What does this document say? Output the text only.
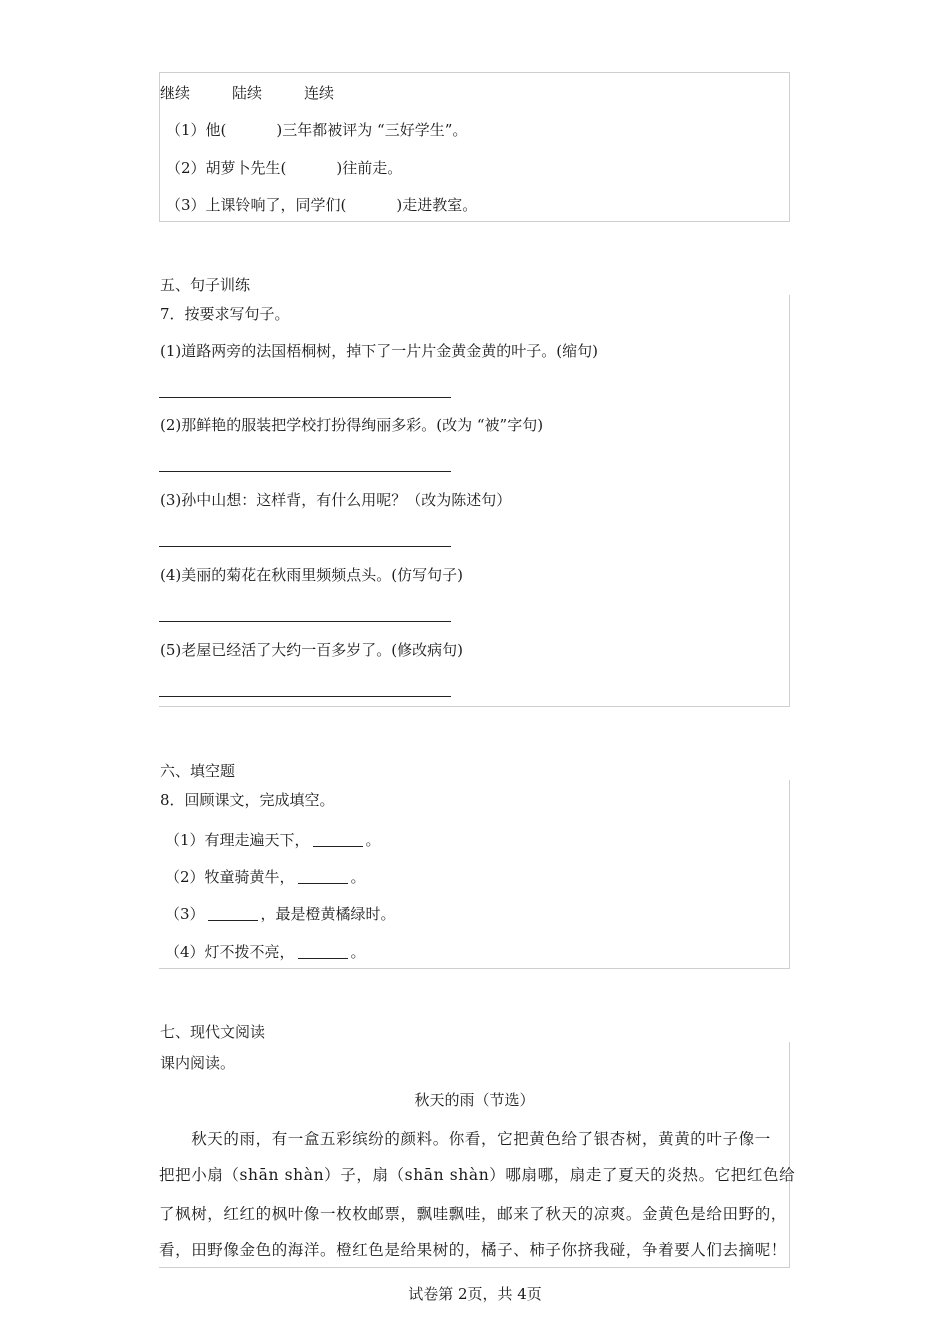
继续	陆续	连续
（1）他(	)三年都被评为 “三好学生”。
（2）胡萝卜先生(	)往前走。
（3）上课铃响了，同学们(	)走进教室。
五、句子训练
7．按要求写句子。
(1)道路两旁的法国梧桐树，掉下了一片片金黄金黄的叶子。(缩句)
(2)那鲜艳的服装把学校打扮得绚丽多彩。(改为 “被”字句)
(3)孙中山想：这样背，有什么用呢？（改为陈述句）
(4)美丽的菊花在秋雨里频频点头。(仿写句子)
(5)老屋已经活了大约一百多岁了。(修改病句)
六、填空题
8．回顾课文，完成填空。
（1）有理走遍天下，	。
（2）牧童骑黄牛，	。
（3）	，最是橙黄橘绿时。
（4）灯不拨不亮，	。
七、现代文阅读
课内阅读。
秋天的雨（节选）
　　秋天的雨，有一盒五彩缤纷的颜料。你看，它把黄色给了银杏树，黄黄的叶子像一
把把小扇（shān shàn）子，扇（shān shàn）哪扇哪，扇走了夏天的炎热。它把红色给
了枫树，红红的枫叶像一枚枚邮票，飘哇飘哇，邮来了秋天的凉爽。金黄色是给田野的，
看，田野像金色的海洋。橙红色是给果树的，橘子、柿子你挤我碰，争着要人们去摘呢！
试卷第 2页，共 4页
